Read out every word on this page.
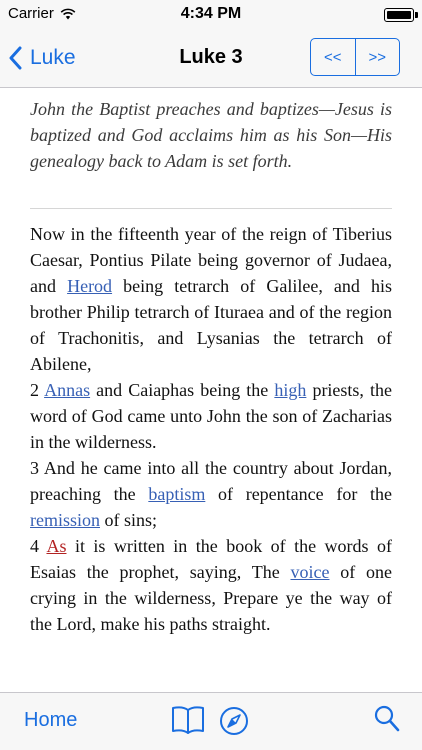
Carrier	4:34 PM
Luke	Luke 3	<<	>>

John the Baptist preaches and baptizes—Jesus is baptized and God acclaims him as his Son—His genealogy back to Adam is set forth.

Now in the fifteenth year of the reign of Tiberius Caesar, Pontius Pilate being governor of Judaea, and Herod being tetrarch of Galilee, and his brother Philip tetrarch of Ituraea and of the region of Trachonitis, and Lysanias the tetrarch of Abilene,
2 Annas and Caiaphas being the high priests, the word of God came unto John the son of Zacharias in the wilderness.
3 And he came into all the country about Jordan, preaching the baptism of repentance for the remission of sins;
4 As it is written in the book of the words of Esaias the prophet, saying, The voice of one crying in the wilderness, Prepare ye the way of the Lord, make his paths straight.
Home
